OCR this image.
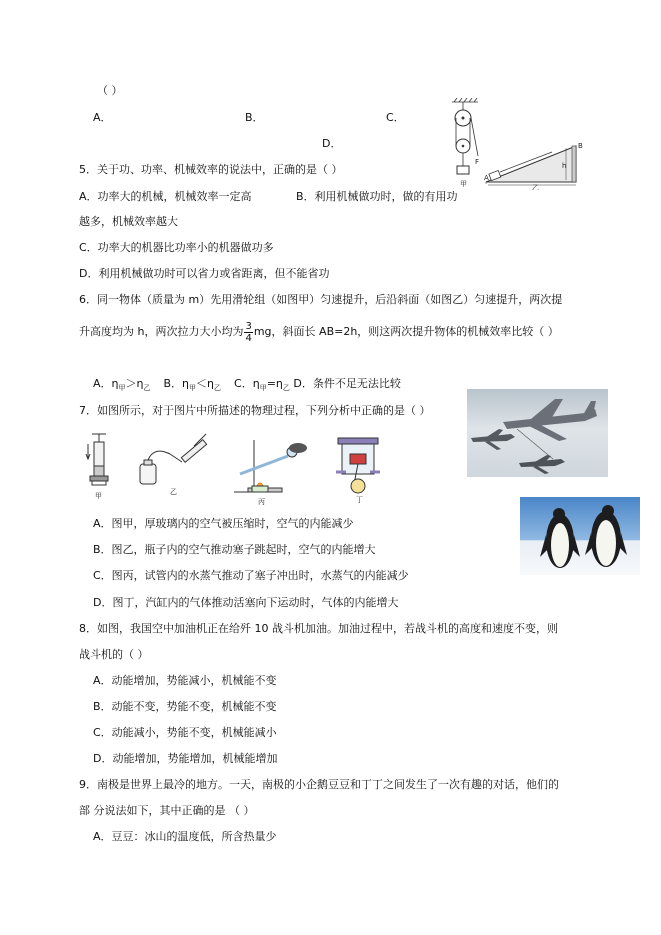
（ ）
A．	B．	C．
D．
甲
F
A
B
h
乙
5．关于功、功率、机械效率的说法中，正确的是（ ）
A．功率大的机械，机械效率一定高	B．利用机械做功时，做的有用功
越多，机械效率越大
C．功率大的机器比功率小的机器做功多
D．利用机械做功时可以省力或省距离，但不能省功
6．同一物体（质量为 m）先用滑轮组（如图甲）匀速提升，后沿斜面（如图乙）匀速提升，两次提
升高度均为 h，两次拉力大小均为 $\frac{3}{4}$ mg，斜面长 AB=2h，则这两次提升物体的机械效率比较（ ）
A．$\eta_甲>\eta_乙$ B．$\eta_甲<\eta_乙$ C．$\eta_甲=\eta_乙$ D．条件不足无法比较
7．如图所示，对于图片中所描述的物理过程，下列分析中正确的是（ ）
甲	乙
丙	丁
A．图甲，厚玻璃内的空气被压缩时，空气的内能减少
B．图乙，瓶子内的空气推动塞子跳起时，空气的内能增大
C．图丙，试管内的水蒸气推动了塞子冲出时，水蒸气的内能减少
D．图丁，汽缸内的气体推动活塞向下运动时，气体的内能增大
8．如图，我国空中加油机正在给歼 10 战斗机加油。加油过程中，若战斗机的高度和速度不变，则
战斗机的（ ）
A．动能增加，势能减小，机械能不变
B．动能不变，势能不变，机械能不变
C．动能减小，势能不变，机械能减小
D．动能增加，势能增加，机械能增加
9．南极是世界上最冷的地方。一天，南极的小企鹅豆豆和丁丁之间发生了一次有趣的对话，他们的
部 分说法如下，其中正确的是 （ ）
A．豆豆：冰山的温度低，所含热量少
